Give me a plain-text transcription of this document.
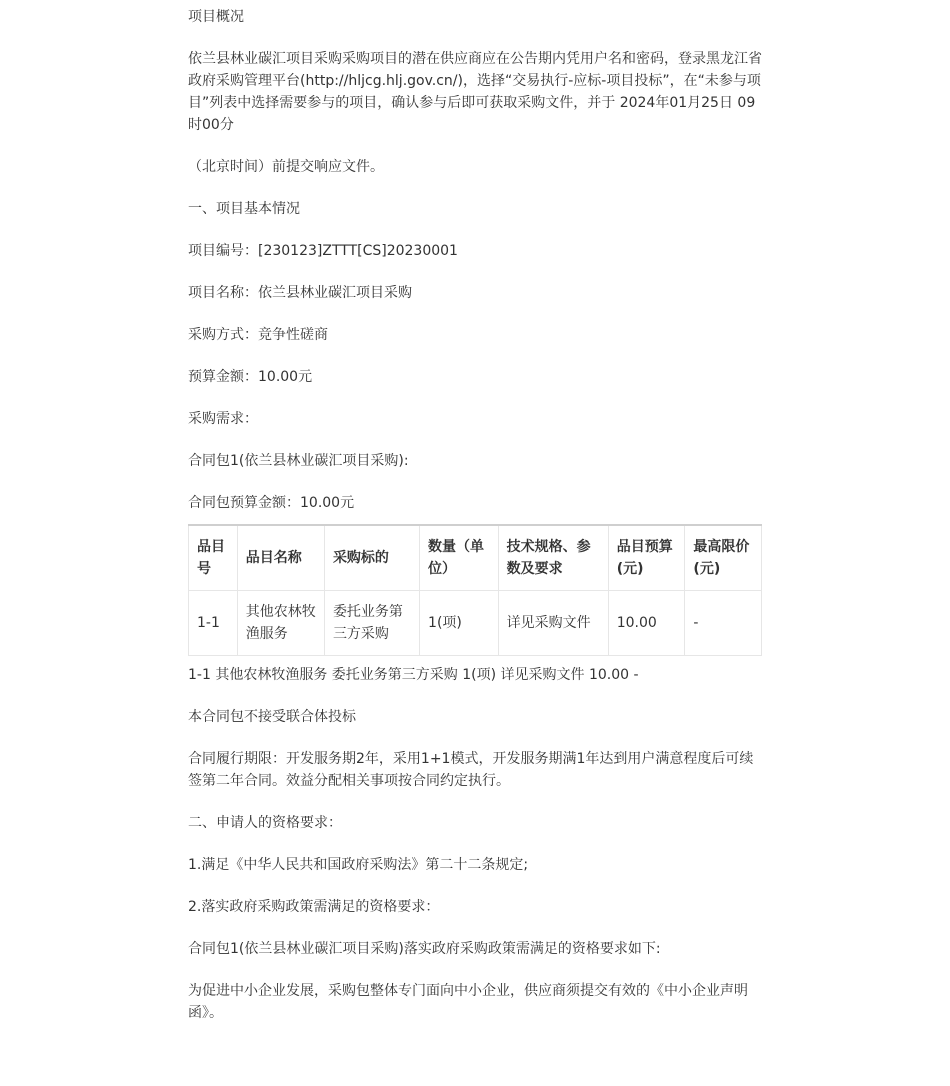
项目概况
依兰县林业碳汇项目采购采购项目的潜在供应商应在公告期内凭用户名和密码，登录黑龙江省政府采购管理平台(http://hljcg.hlj.gov.cn/)，选择“交易执行-应标-项目投标”，在“未参与项目”列表中选择需要参与的项目，确认参与后即可获取采购文件，并于 2024年01月25日 09时00分
（北京时间）前提交响应文件。
一、项目基本情况
项目编号：[230123]ZTTT[CS]20230001
项目名称：依兰县林业碳汇项目采购
采购方式：竞争性磋商
预算金额：10.00元
采购需求：
合同包1(依兰县林业碳汇项目采购):
合同包预算金额：10.00元
品目号	品目名称	采购标的	数量（单位）	技术规格、参数及要求	品目预算(元)	最高限价(元)
1-1	其他农林牧渔服务	委托业务第三方采购	1(项)	详见采购文件	10.00	-
1-1 其他农林牧渔服务 委托业务第三方采购 1(项) 详见采购文件 10.00 -
本合同包不接受联合体投标
合同履行期限：开发服务期2年，采用1+1模式，开发服务期满1年达到用户满意程度后可续签第二年合同。效益分配相关事项按合同约定执行。
二、申请人的资格要求：
1.满足《中华人民共和国政府采购法》第二十二条规定;
2.落实政府采购政策需满足的资格要求：
合同包1(依兰县林业碳汇项目采购)落实政府采购政策需满足的资格要求如下:
为促进中小企业发展，采购包整体专门面向中小企业，供应商须提交有效的《中小企业声明函》。
